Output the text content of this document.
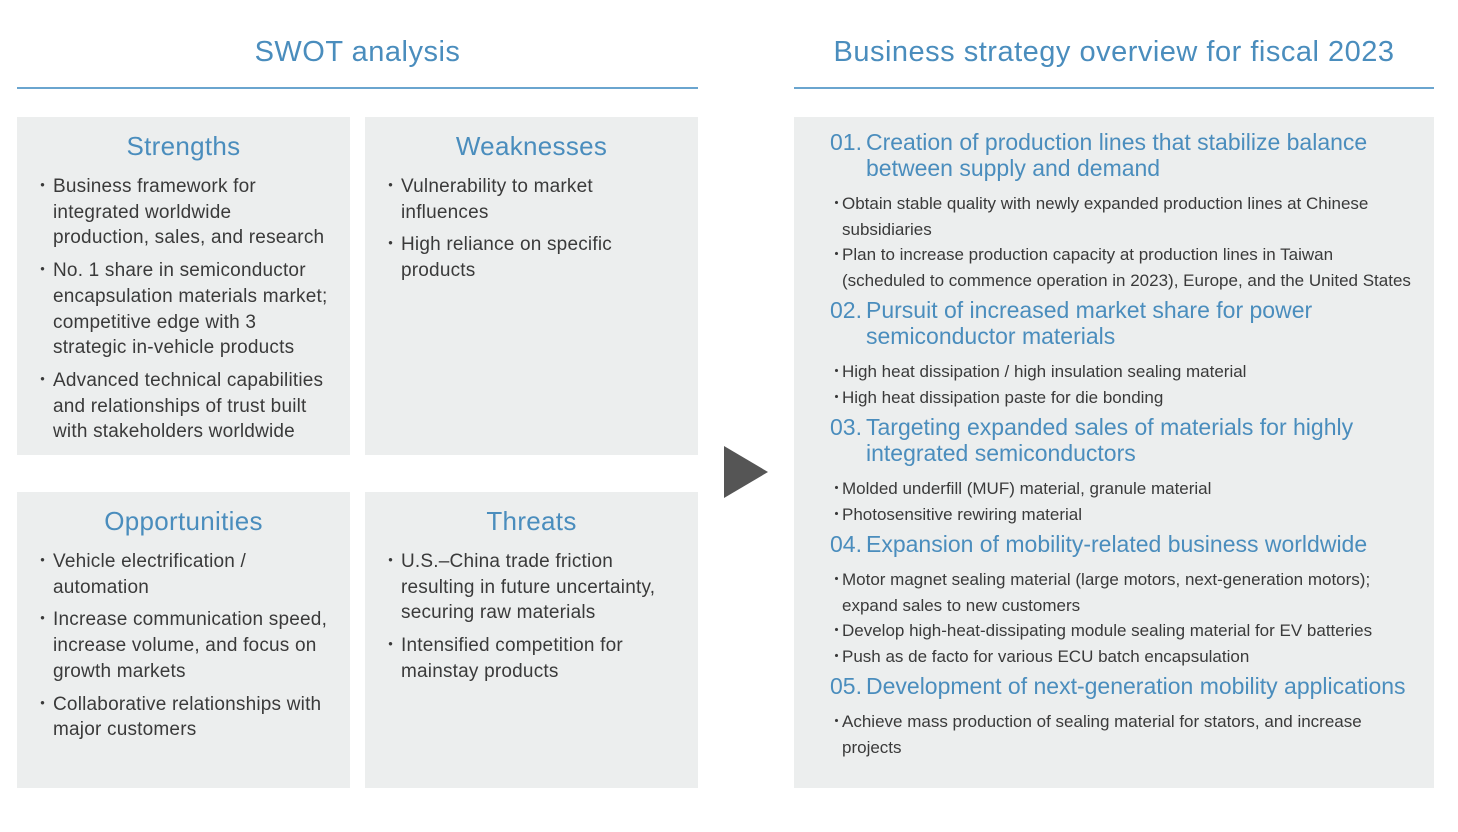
SWOT analysis	Business strategy overview for fiscal 2023
Strengths
・ Business framework for integrated worldwide production, sales, and research
・ No. 1 share in semiconductor encapsulation materials market; competitive edge with 3 strategic in-vehicle products
・ Advanced technical capabilities and relationships of trust built with stakeholders worldwide
Weaknesses
・ Vulnerability to market influences
・ High reliance on specific products
Opportunities
・ Vehicle electrification / automation
・ Increase communication speed, increase volume, and focus on growth markets
・ Collaborative relationships with major customers
Threats
・ U.S.–China trade friction resulting in future uncertainty, securing raw materials
・ Intensified competition for mainstay products
01. Creation of production lines that stabilize balance between supply and demand
・ Obtain stable quality with newly expanded production lines at Chinese subsidiaries
・ Plan to increase production capacity at production lines in Taiwan (scheduled to commence operation in 2023), Europe, and the United States
02. Pursuit of increased market share for power semiconductor materials
・ High heat dissipation / high insulation sealing material
・ High heat dissipation paste for die bonding
03. Targeting expanded sales of materials for highly integrated semiconductors
・ Molded underfill (MUF) material, granule material
・ Photosensitive rewiring material
04. Expansion of mobility-related business worldwide
・ Motor magnet sealing material (large motors, next-generation motors); expand sales to new customers
・ Develop high-heat-dissipating module sealing material for EV batteries
・ Push as de facto for various ECU batch encapsulation
05. Development of next-generation mobility applications
・ Achieve mass production of sealing material for stators, and increase projects
